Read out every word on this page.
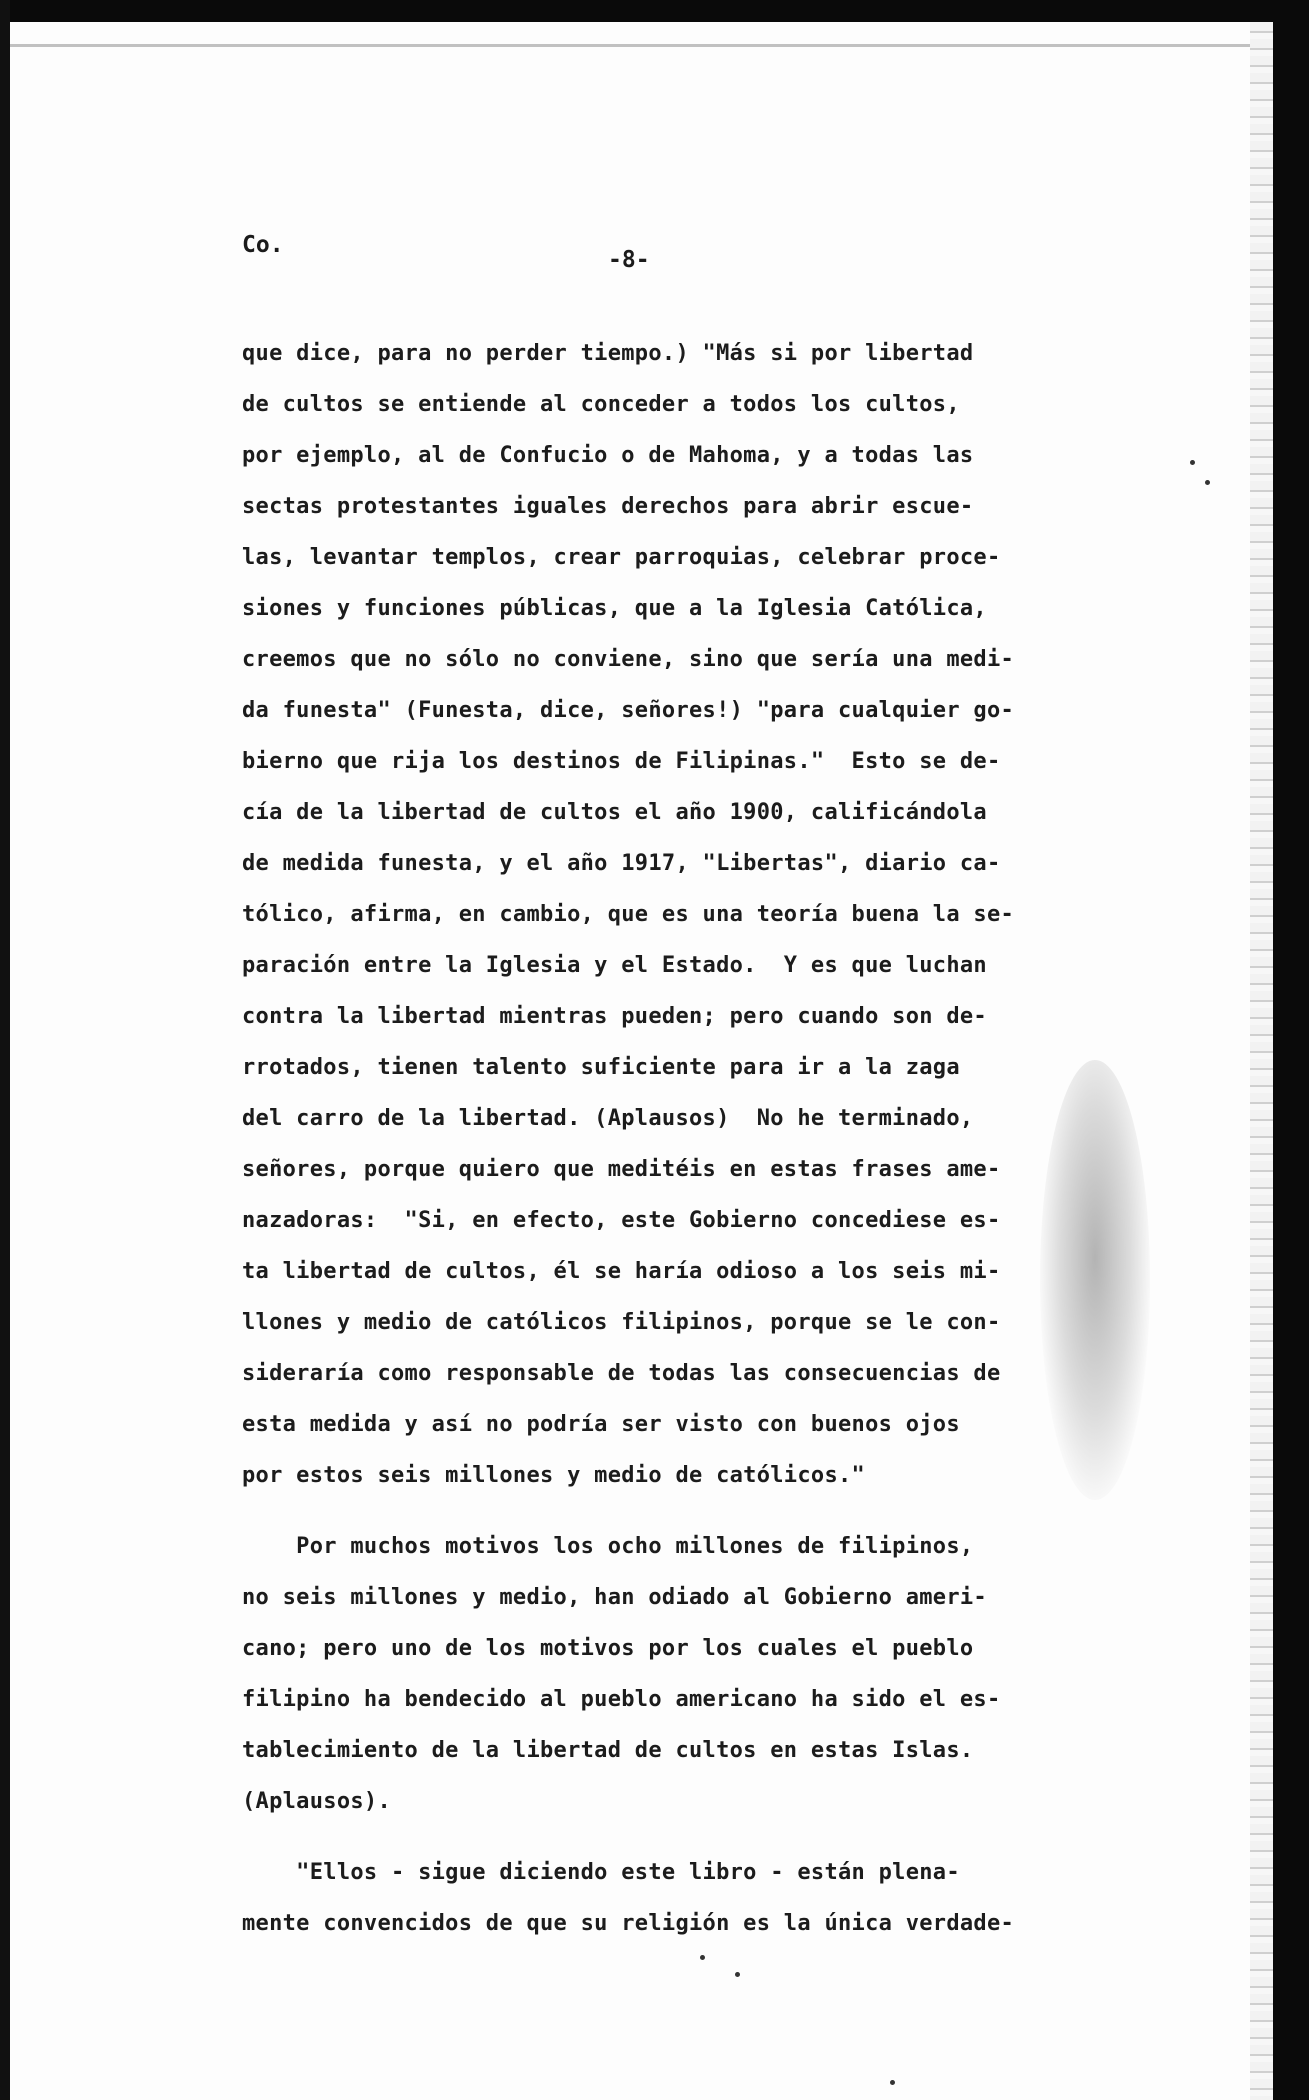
Co.
-8-
que dice, para no perder tiempo.) "Más si por libertad
de cultos se entiende al conceder a todos los cultos,
por ejemplo, al de Confucio o de Mahoma, y a todas las
sectas protestantes iguales derechos para abrir escue-
las, levantar templos, crear parroquias, celebrar proce-
siones y funciones públicas, que a la Iglesia Católica,
creemos que no sólo no conviene, sino que sería una medi-
da funesta" (Funesta, dice, señores!) "para cualquier go-
bierno que rija los destinos de Filipinas."  Esto se de-
cía de la libertad de cultos el año 1900, calificándola
de medida funesta, y el año 1917, "Libertas", diario ca-
tólico, afirma, en cambio, que es una teoría buena la se-
paración entre la Iglesia y el Estado.  Y es que luchan
contra la libertad mientras pueden; pero cuando son de-
rrotados, tienen talento suficiente para ir a la zaga
del carro de la libertad. (Aplausos)  No he terminado,
señores, porque quiero que meditéis en estas frases ame-
nazadoras:  "Si, en efecto, este Gobierno concediese es-
ta libertad de cultos, él se haría odioso a los seis mi-
llones y medio de católicos filipinos, porque se le con-
sideraría como responsable de todas las consecuencias de
esta medida y así no podría ser visto con buenos ojos
por estos seis millones y medio de católicos."
Por muchos motivos los ocho millones de filipinos,
no seis millones y medio, han odiado al Gobierno ameri-
cano; pero uno de los motivos por los cuales el pueblo
filipino ha bendecido al pueblo americano ha sido el es-
tablecimiento de la libertad de cultos en estas Islas.
(Aplausos).
"Ellos - sigue diciendo este libro - están plena-
mente convencidos de que su religión es la única verdade-
